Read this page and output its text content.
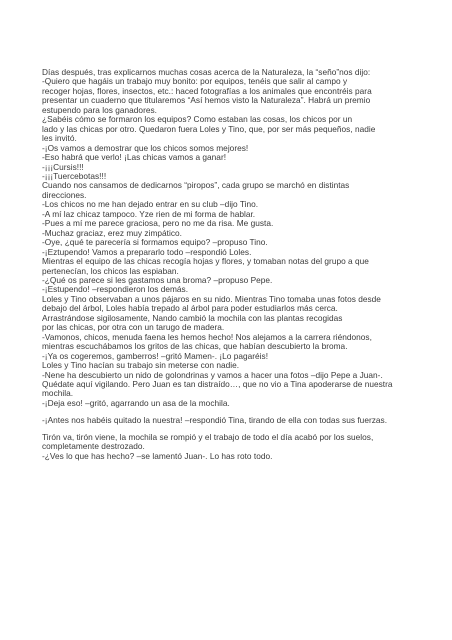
Días después, tras explicarnos muchas cosas acerca de la Naturaleza, la “seño”nos dijo:
-Quiero que hagáis un trabajo muy bonito: por equipos, tenéis que salir al campo y
recoger hojas, flores, insectos, etc.: haced fotografías a los animales que encontréis para
presentar un cuaderno que titularemos “Así hemos visto la Naturaleza”. Habrá un premio
estupendo para los ganadores.
¿Sabéis cómo se formaron los equipos? Como estaban las cosas, los chicos por un
lado y las chicas por otro. Quedaron fuera Loles y Tino, que, por ser más pequeños, nadie
les invitó.
-¡Os vamos a demostrar que los chicos somos mejores!
-Eso habrá que verlo! ¡Las chicas vamos a ganar!
-¡¡¡Cursis!!!
-¡¡¡Tuercebotas!!!
Cuando nos cansamos de dedicarnos “piropos”, cada grupo se marchó en distintas
direcciones.
-Los chicos no me han dejado entrar en su club –dijo Tino.
-A mí laz chicaz tampoco. Yze rien de mi forma de hablar.
-Pues a mí me parece graciosa, pero no me da risa. Me gusta.
-Muchaz graciaz, erez muy zimpático.
-Oye, ¿qué te parecería si formamos equipo? –propuso Tino.
-¡Eztupendo! Vamos a prepararlo todo –respondió Loles.
Mientras el equipo de las chicas recogía hojas y flores, y tomaban notas del grupo a que
pertenecían, los chicos las espiaban.
-¿Qué os parece si les gastamos una broma? –propuso Pepe.
-¡Estupendo! –respondieron los demás.
Loles y Tino observaban a unos pájaros en su nido. Mientras Tino tomaba unas fotos desde
debajo del árbol, Loles había trepado al árbol para poder estudiarlos más cerca.
Arrastrándose sigilosamente, Nando cambió la mochila con las plantas recogidas
por las chicas, por otra con un tarugo de madera.
-Vamonos, chicos, menuda faena les hemos hecho! Nos alejamos a la carrera riéndonos,
mientras escuchábamos los gritos de las chicas, que habían descubierto la broma.
-¡Ya os cogeremos, gamberros! –gritó Mamen-. ¡Lo pagaréis!
Loles y Tino hacían su trabajo sin meterse con nadie.
-Nene ha descubierto un nido de golondrinas y vamos a hacer una fotos –dijo Pepe a Juan-.
Quédate aquí vigilando. Pero Juan es tan distraído…, que no vio a Tina apoderarse de nuestra
mochila.
-¡Deja eso! –gritó, agarrando un asa de la mochila.
-¡Antes nos habéis quitado la nuestra! –respondió Tina, tirando de ella con todas sus fuerzas.
Tirón va, tirón viene, la mochila se rompió y el trabajo de todo el día acabó por los suelos,
completamente destrozado.
-¿Ves lo que has hecho? –se lamentó Juan-. Lo has roto todo.
